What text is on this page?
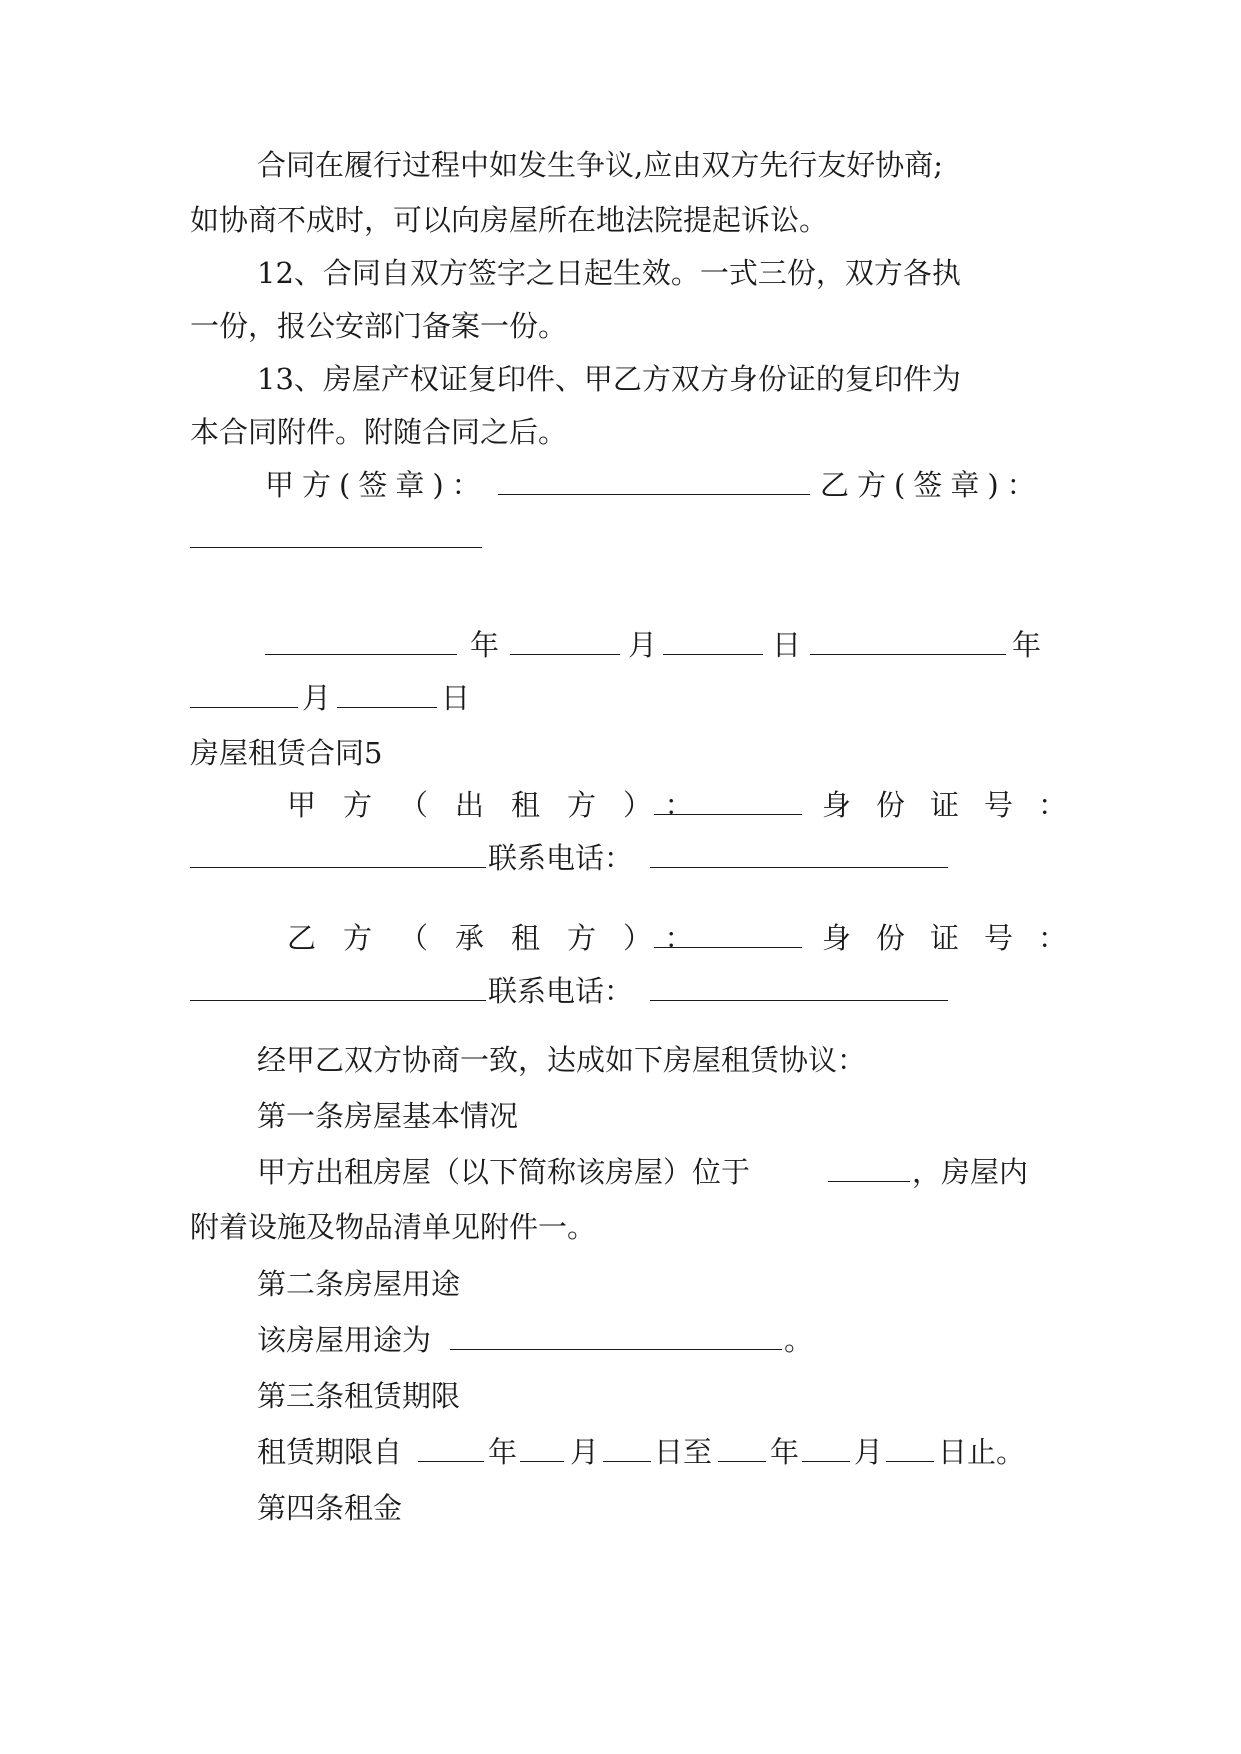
合同在履行过程中如发生争议,应由双方先行友好协商;
如协商不成时，可以向房屋所在地法院提起诉讼。
12、合同自双方签字之日起生效。一式三份，双方各执
一份，报公安部门备案一份。
13、房屋产权证复印件、甲乙方双方身份证的复印件为
本合同附件。附随合同之后。
甲方(签章)：	乙方(签章)：
年	月	日	年
月	日
房屋租赁合同5
甲方（出租方）：	身份证号：
联系电话：
乙方（承租方）：	身份证号：
联系电话：
经甲乙双方协商一致，达成如下房屋租赁协议：
第一条房屋基本情况
甲方出租房屋（以下简称该房屋）位于	，房屋内
附着设施及物品清单见附件一。
第二条房屋用途
该房屋用途为	。
第三条租赁期限
租赁期限自	年 月 日至 年 月 日止。
第四条租金
